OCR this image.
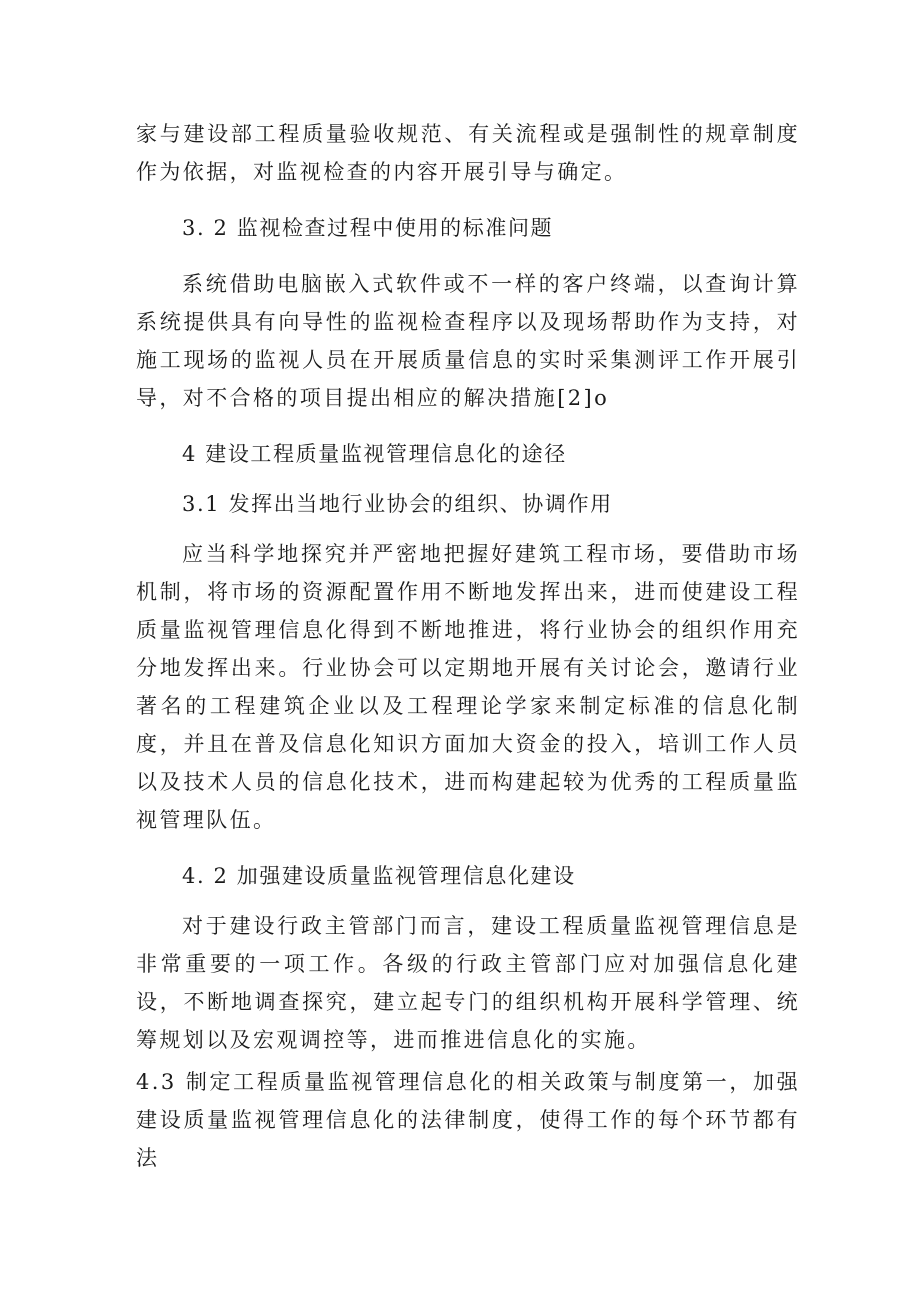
家与建设部工程质量验收规范、有关流程或是强制性的规章制度作为依据，对监视检查的内容开展引导与确定。

3. 2 监视检查过程中使用的标准问题

系统借助电脑嵌入式软件或不一样的客户终端，以查询计算系统提供具有向导性的监视检查程序以及现场帮助作为支持，对施工现场的监视人员在开展质量信息的实时采集测评工作开展引导，对不合格的项目提出相应的解决措施[2]o

4 建设工程质量监视管理信息化的途径

3.1 发挥出当地行业协会的组织、协调作用

应当科学地探究并严密地把握好建筑工程市场，要借助市场机制，将市场的资源配置作用不断地发挥出来，进而使建设工程质量监视管理信息化得到不断地推进，将行业协会的组织作用充分地发挥出来。行业协会可以定期地开展有关讨论会，邀请行业著名的工程建筑企业以及工程理论学家来制定标准的信息化制度，并且在普及信息化知识方面加大资金的投入，培训工作人员以及技术人员的信息化技术，进而构建起较为优秀的工程质量监视管理队伍。

4. 2 加强建设质量监视管理信息化建设

对于建设行政主管部门而言，建设工程质量监视管理信息是非常重要的一项工作。各级的行政主管部门应对加强信息化建设，不断地调查探究，建立起专门的组织机构开展科学管理、统筹规划以及宏观调控等，进而推进信息化的实施。

4.3 制定工程质量监视管理信息化的相关政策与制度第一，加强建设质量监视管理信息化的法律制度，使得工作的每个环节都有法
